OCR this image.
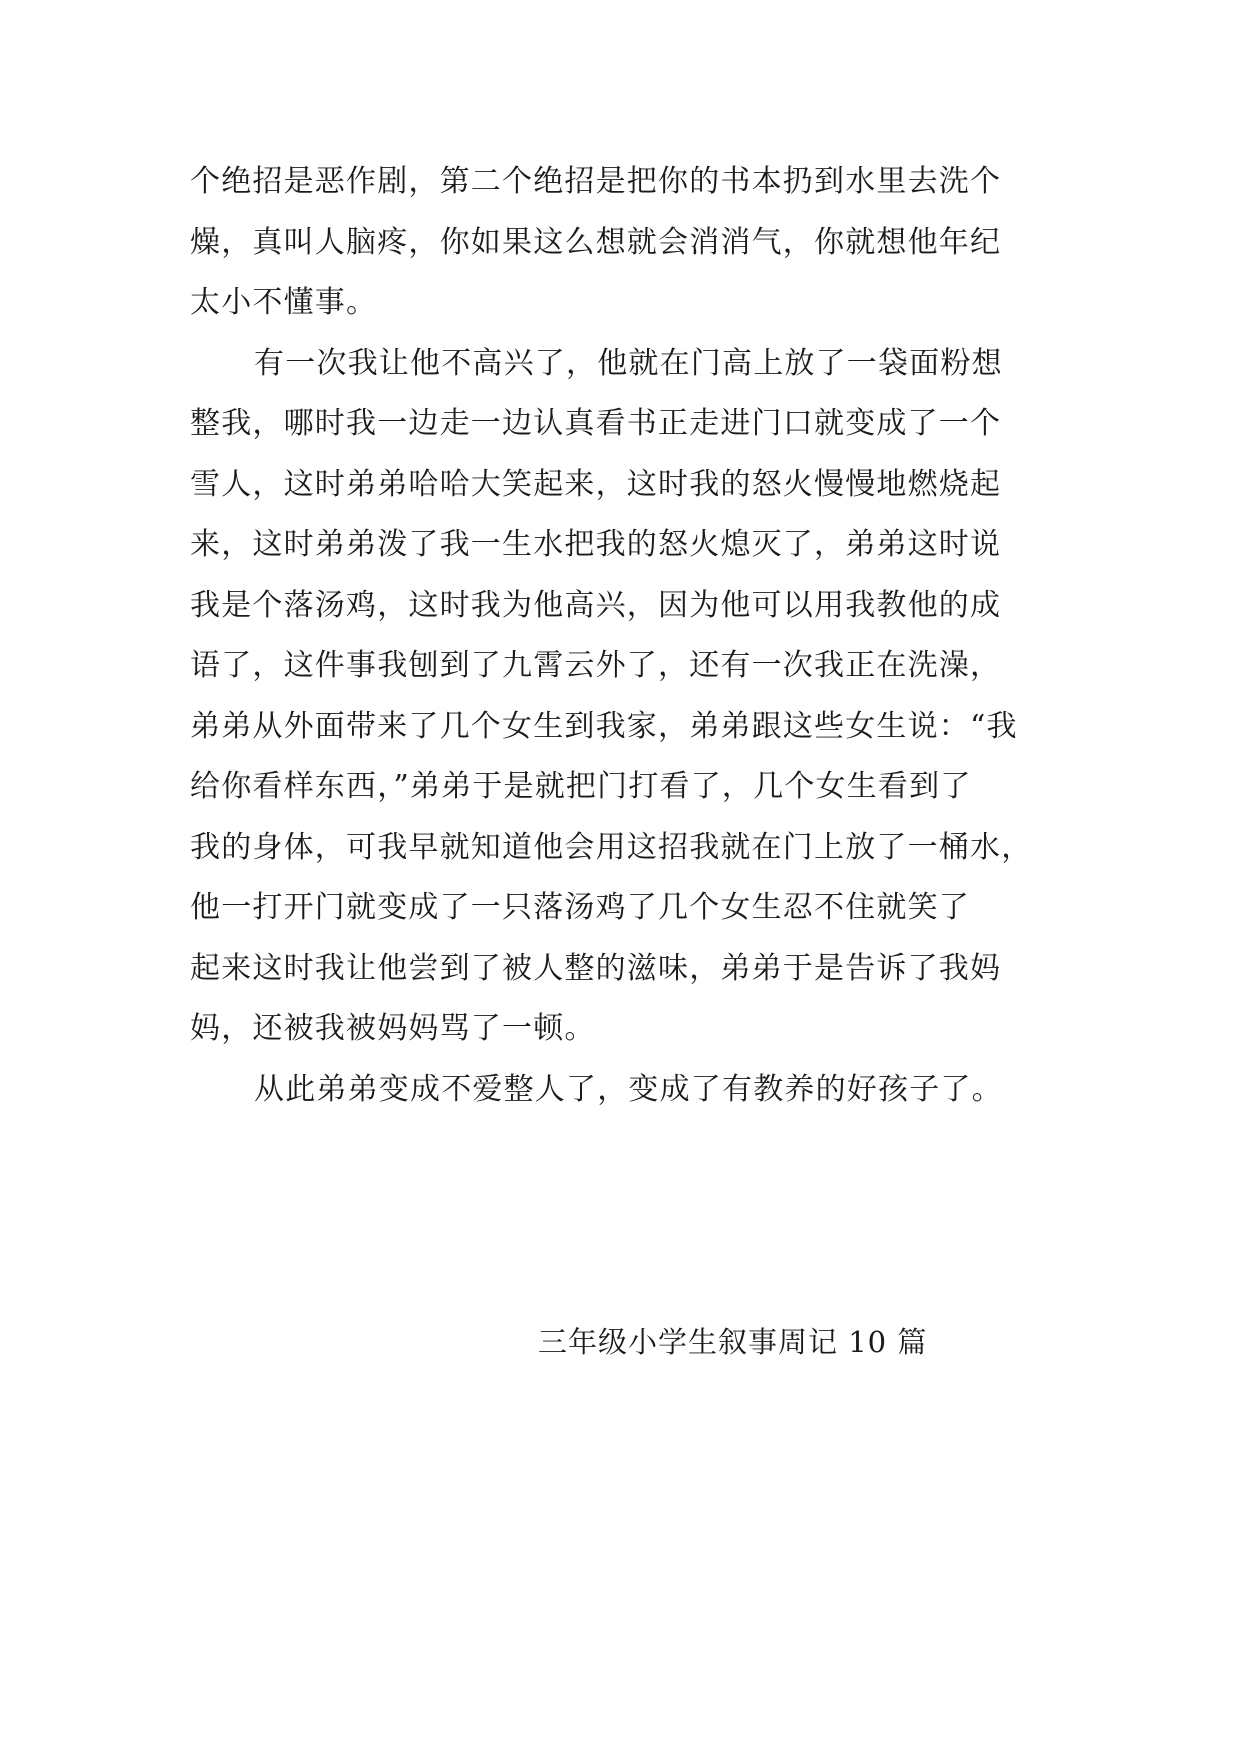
个绝招是恶作剧，第二个绝招是把你的书本扔到水里去洗个
燥，真叫人脑疼，你如果这么想就会消消气，你就想他年纪
太小不懂事。
有一次我让他不高兴了，他就在门高上放了一袋面粉想
整我，哪时我一边走一边认真看书正走进门口就变成了一个
雪人，这时弟弟哈哈大笑起来，这时我的怒火慢慢地燃烧起
来，这时弟弟泼了我一生水把我的怒火熄灭了，弟弟这时说
我是个落汤鸡，这时我为他高兴，因为他可以用我教他的成
语了，这件事我刨到了九霄云外了，还有一次我正在洗澡，
弟弟从外面带来了几个女生到我家，弟弟跟这些女生说：“我
给你看样东西，”弟弟于是就把门打看了，几个女生看到了
我的身体，可我早就知道他会用这招我就在门上放了一桶水，
他一打开门就变成了一只落汤鸡了几个女生忍不住就笑了
起来这时我让他尝到了被人整的滋味，弟弟于是告诉了我妈
妈，还被我被妈妈骂了一顿。
从此弟弟变成不爱整人了，变成了有教养的好孩子了。
三年级小学生叙事周记 10 篇
